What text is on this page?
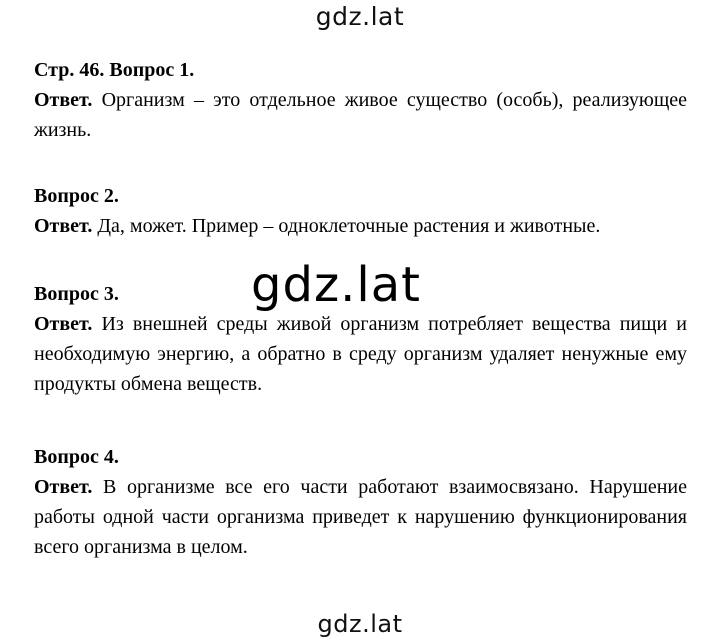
gdz.lat
Стр. 46. Вопрос 1.
Ответ. Организм – это отдельное живое существо (особь), реализующее жизнь.
Вопрос 2.
Ответ. Да, может. Пример – одноклеточные растения и животные.
gdz.lat
Вопрос 3.
Ответ. Из внешней среды живой организм потребляет вещества пищи и необходимую энергию, а обратно в среду организм удаляет ненужные ему продукты обмена веществ.
Вопрос 4.
Ответ. В организме все его части работают взаимосвязано. Нарушение работы одной части организма приведет к нарушению функционирования всего организма в целом.
gdz.lat
